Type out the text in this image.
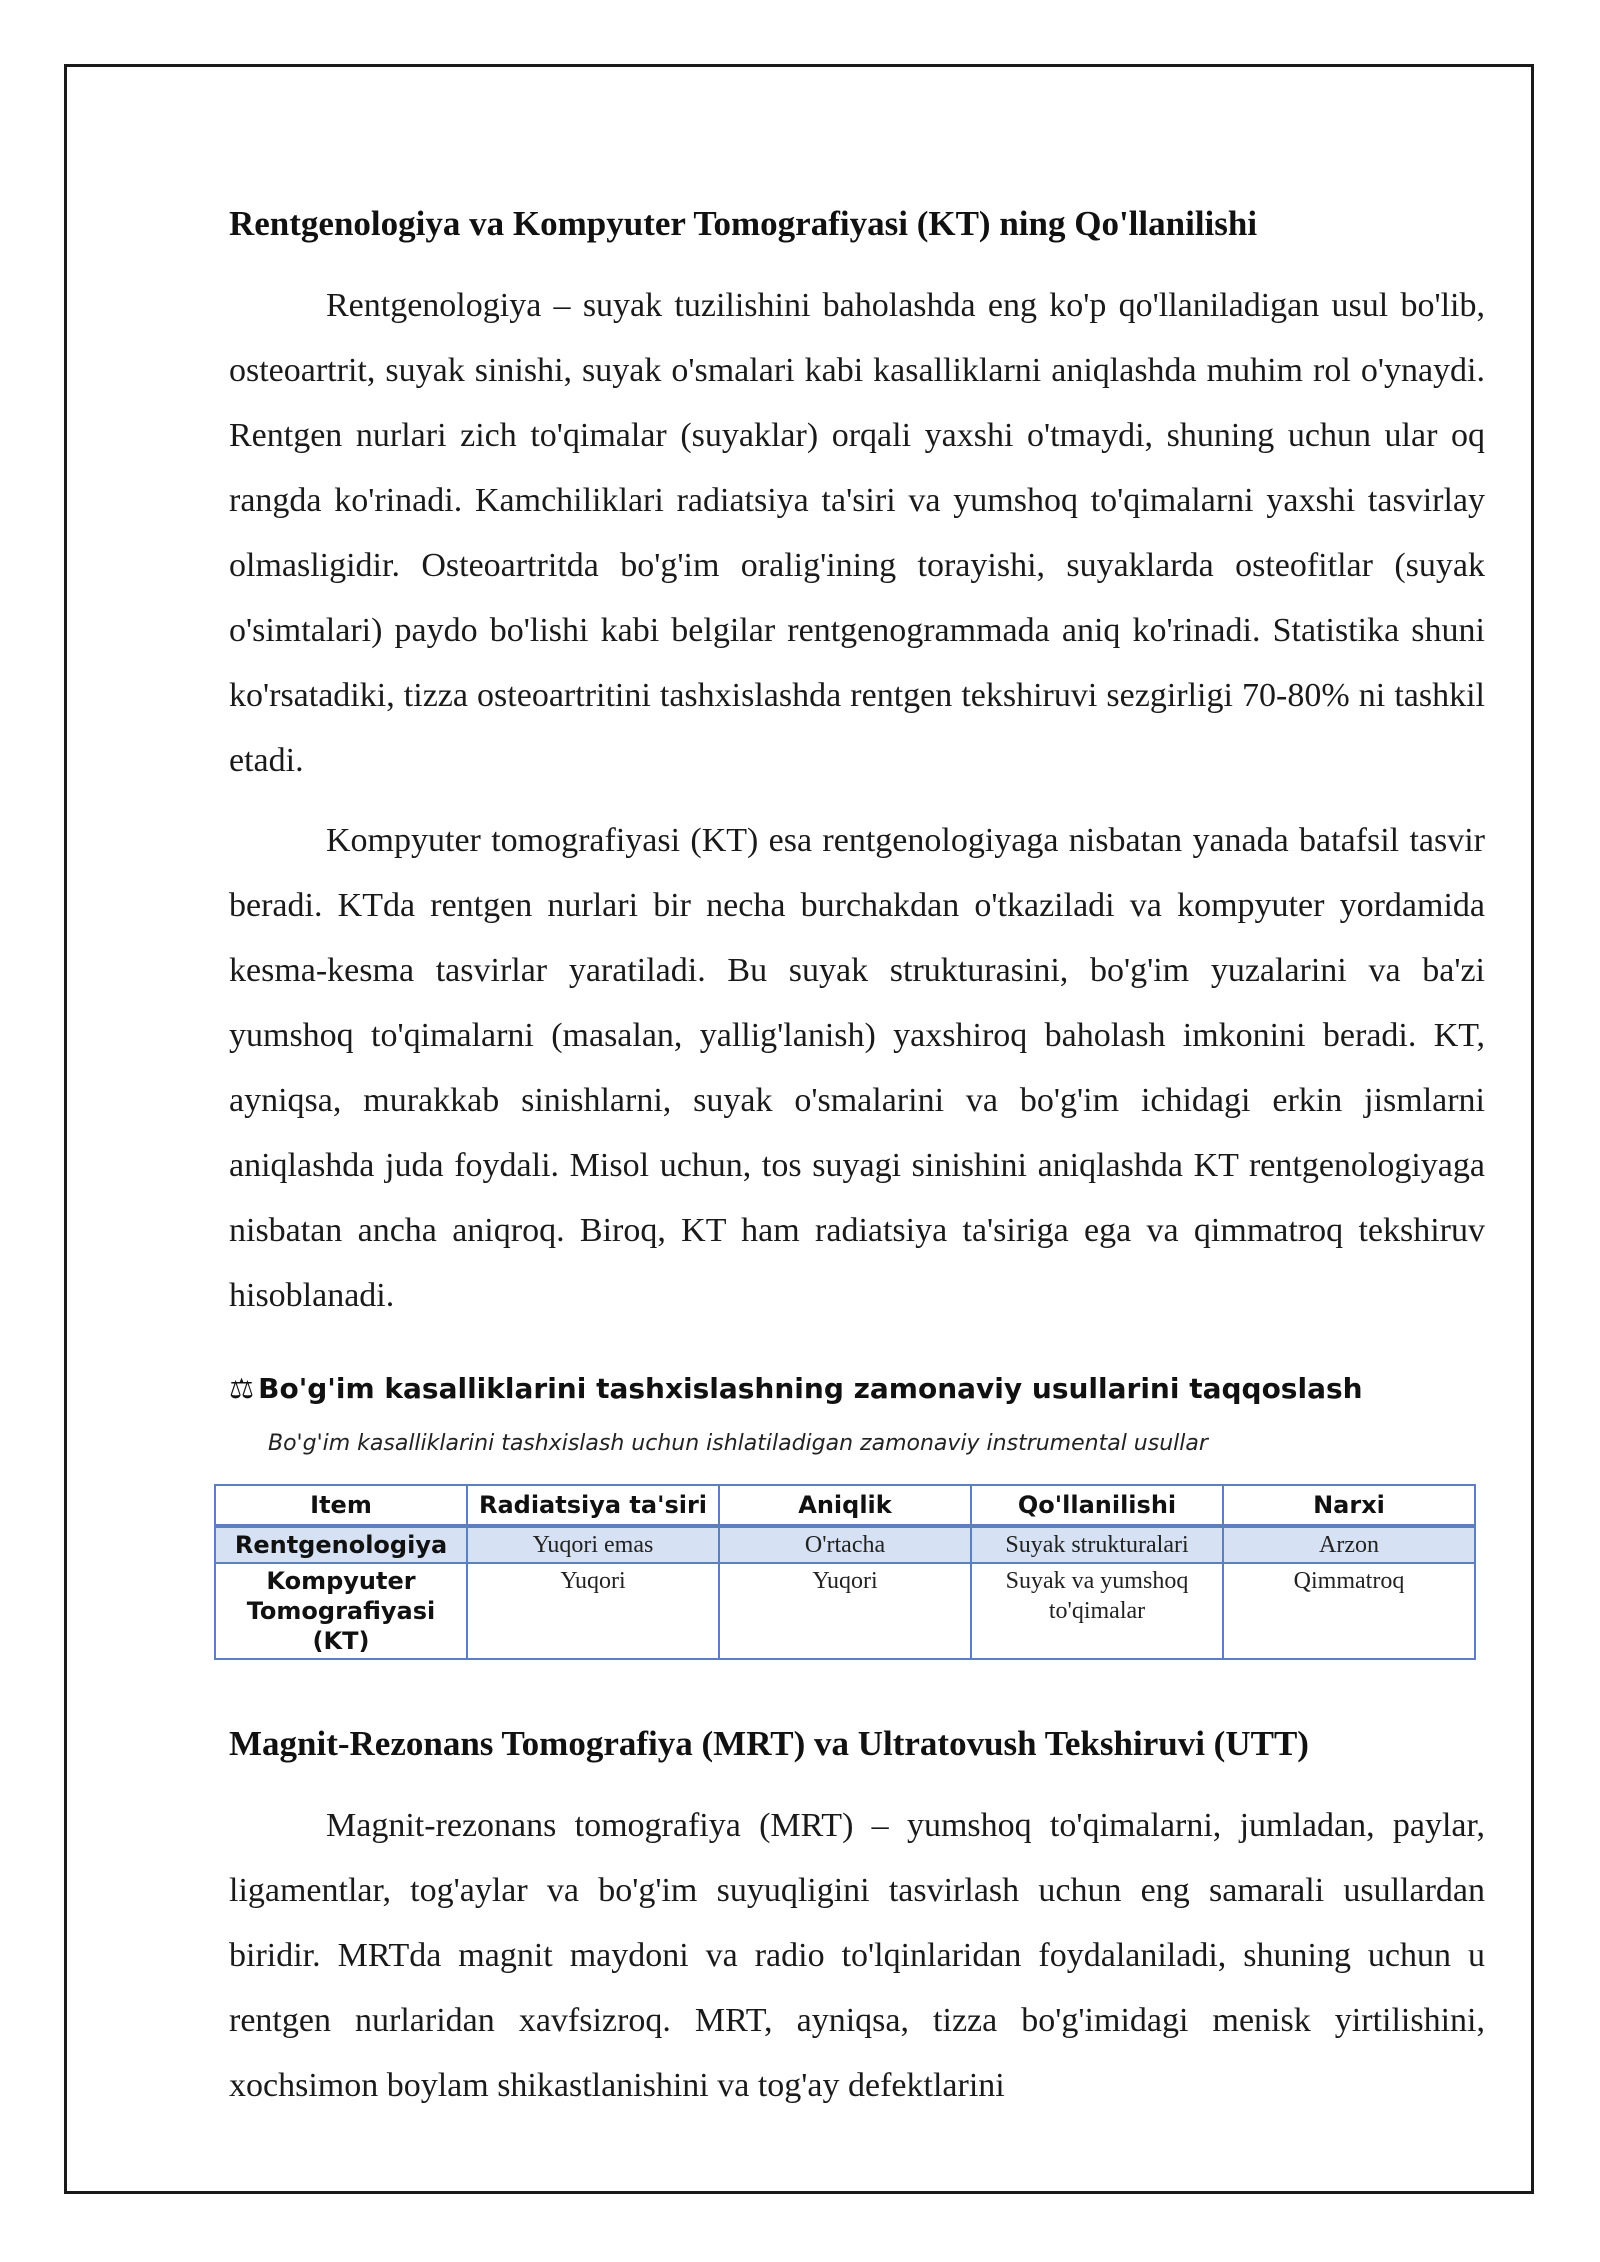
Rentgenologiya va Kompyuter Tomografiyasi (KT) ning Qo'llanilishi

Rentgenologiya – suyak tuzilishini baholashda eng ko'p qo'llaniladigan usul bo'lib, osteoartrit, suyak sinishi, suyak o'smalari kabi kasalliklarni aniqlashda muhim rol o'ynaydi. Rentgen nurlari zich to'qimalar (suyaklar) orqali yaxshi o'tmaydi, shuning uchun ular oq rangda ko'rinadi. Kamchiliklari radiatsiya ta'siri va yumshoq to'qimalarni yaxshi tasvirlay olmasligidir. Osteoartritda bo'g'im oralig'ining torayishi, suyaklarda osteofitlar (suyak o'simtalari) paydo bo'lishi kabi belgilar rentgenogrammada aniq ko'rinadi. Statistika shuni ko'rsatadiki, tizza osteoartritini tashxislashda rentgen tekshiruvi sezgirligi 70-80% ni tashkil etadi.

Kompyuter tomografiyasi (KT) esa rentgenologiyaga nisbatan yanada batafsil tasvir beradi. KTda rentgen nurlari bir necha burchakdan o'tkaziladi va kompyuter yordamida kesma-kesma tasvirlar yaratiladi. Bu suyak strukturasini, bo'g'im yuzalarini va ba'zi yumshoq to'qimalarni (masalan, yallig'lanish) yaxshiroq baholash imkonini beradi. KT, ayniqsa, murakkab sinishlarni, suyak o'smalarini va bo'g'im ichidagi erkin jismlarni aniqlashda juda foydali. Misol uchun, tos suyagi sinishini aniqlashda KT rentgenologiyaga nisbatan ancha aniqroq. Biroq, KT ham radiatsiya ta'siriga ega va qimmatroq tekshiruv hisoblanadi.

⚖ Bo'g'im kasalliklarini tashxislashning zamonaviy usullarini taqqoslash
Bo'g'im kasalliklarini tashxislash uchun ishlatiladigan zamonaviy instrumental usullar
Item	Radiatsiya ta'siri	Aniqlik	Qo'llanilishi	Narxi
Rentgenologiya	Yuqori emas	O'rtacha	Suyak strukturalari	Arzon
Kompyuter Tomografiyasi (KT)	Yuqori	Yuqori	Suyak va yumshoq to'qimalar	Qimmatroq
Magnit-Rezonans Tomografiya (MRT) va Ultratovush Tekshiruvi (UTT)

Magnit-rezonans tomografiya (MRT) – yumshoq to'qimalarni, jumladan, paylar, ligamentlar, tog'aylar va bo'g'im suyuqligini tasvirlash uchun eng samarali usullardan biridir. MRTda magnit maydoni va radio to'lqinlaridan foydalaniladi, shuning uchun u rentgen nurlaridan xavfsizroq. MRT, ayniqsa, tizza bo'g'imidagi menisk yirtilishini, xochsimon boylam shikastlanishini va tog'ay defektlarini
